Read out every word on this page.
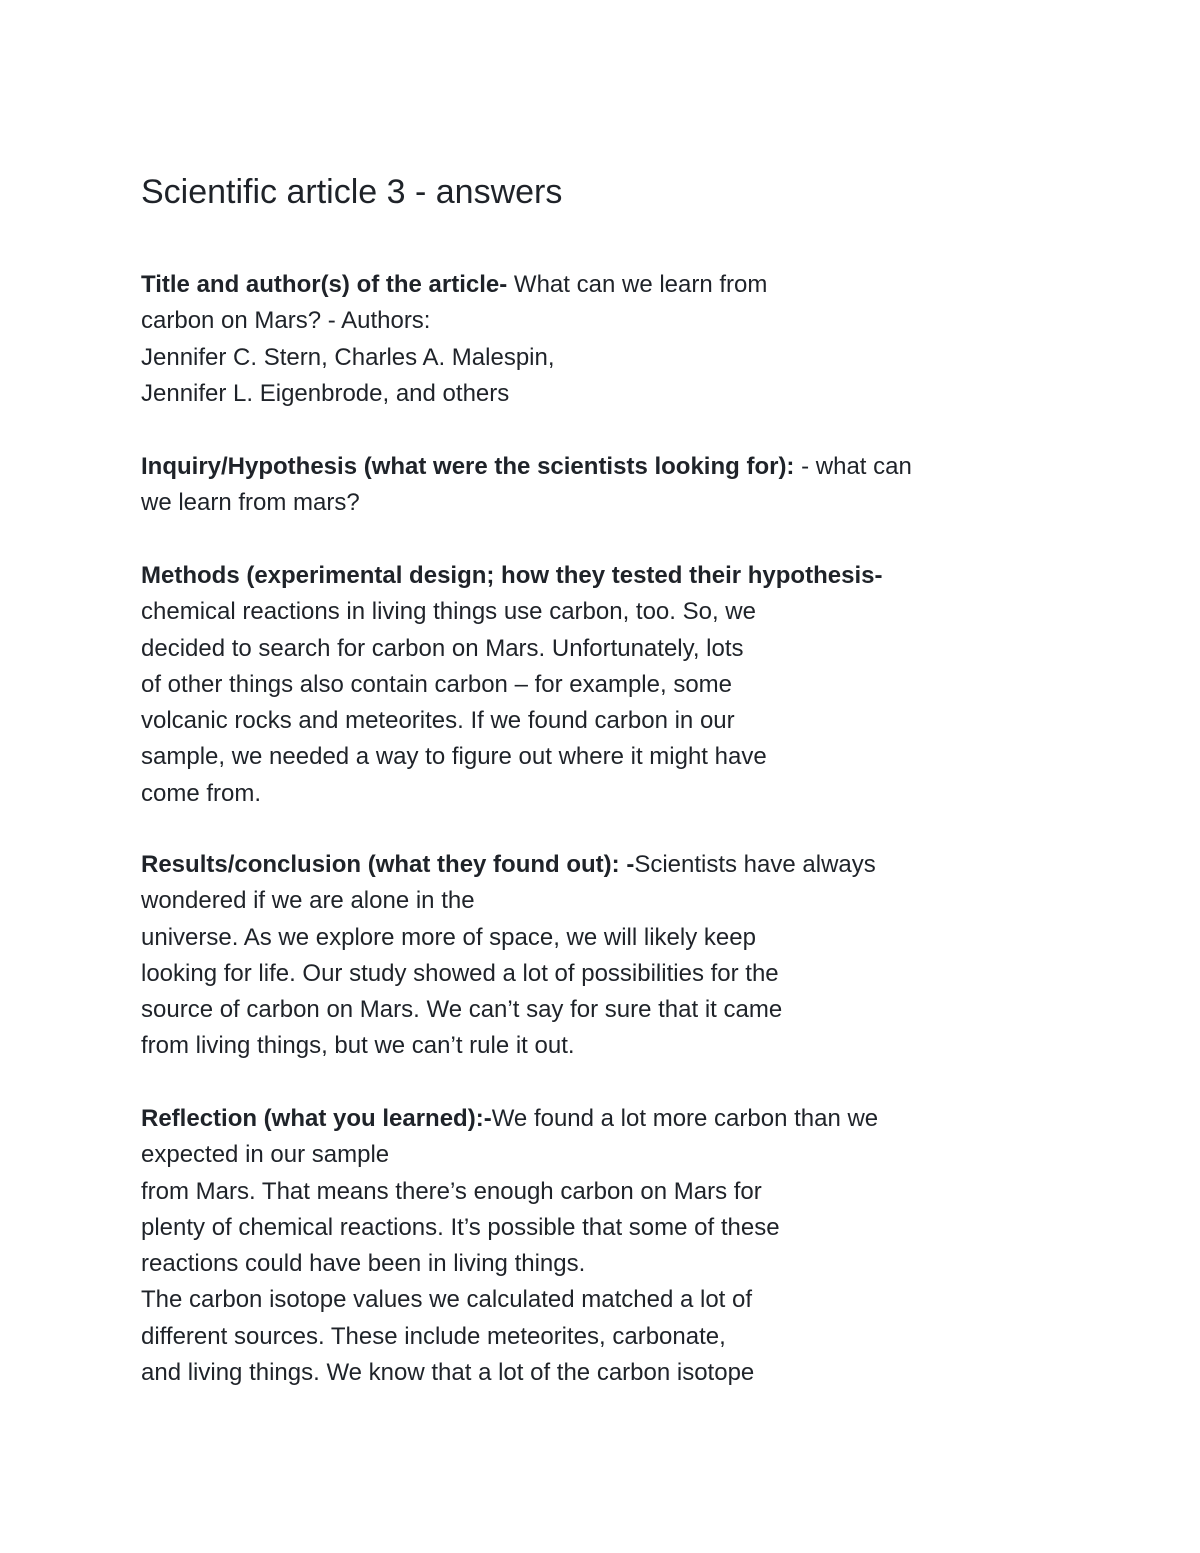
Scientific article 3 - answers
Title and author(s) of the article- What can we learn from
carbon on Mars? - Authors:
Jennifer C. Stern, Charles A. Malespin,
Jennifer L. Eigenbrode, and others
Inquiry/Hypothesis (what were the scientists looking for): - what can
we learn from mars?
Methods (experimental design; how they tested their hypothesis-
chemical reactions in living things use carbon, too. So, we
decided to search for carbon on Mars. Unfortunately, lots
of other things also contain carbon – for example, some
volcanic rocks and meteorites. If we found carbon in our
sample, we needed a way to figure out where it might have
come from.
Results/conclusion (what they found out): -Scientists have always
wondered if we are alone in the
universe. As we explore more of space, we will likely keep
looking for life. Our study showed a lot of possibilities for the
source of carbon on Mars. We can’t say for sure that it came
from living things, but we can’t rule it out.
Reflection (what you learned):-We found a lot more carbon than we
expected in our sample
from Mars. That means there’s enough carbon on Mars for
plenty of chemical reactions. It’s possible that some of these
reactions could have been in living things.
The carbon isotope values we calculated matched a lot of
different sources. These include meteorites, carbonate,
and living things. We know that a lot of the carbon isotope
